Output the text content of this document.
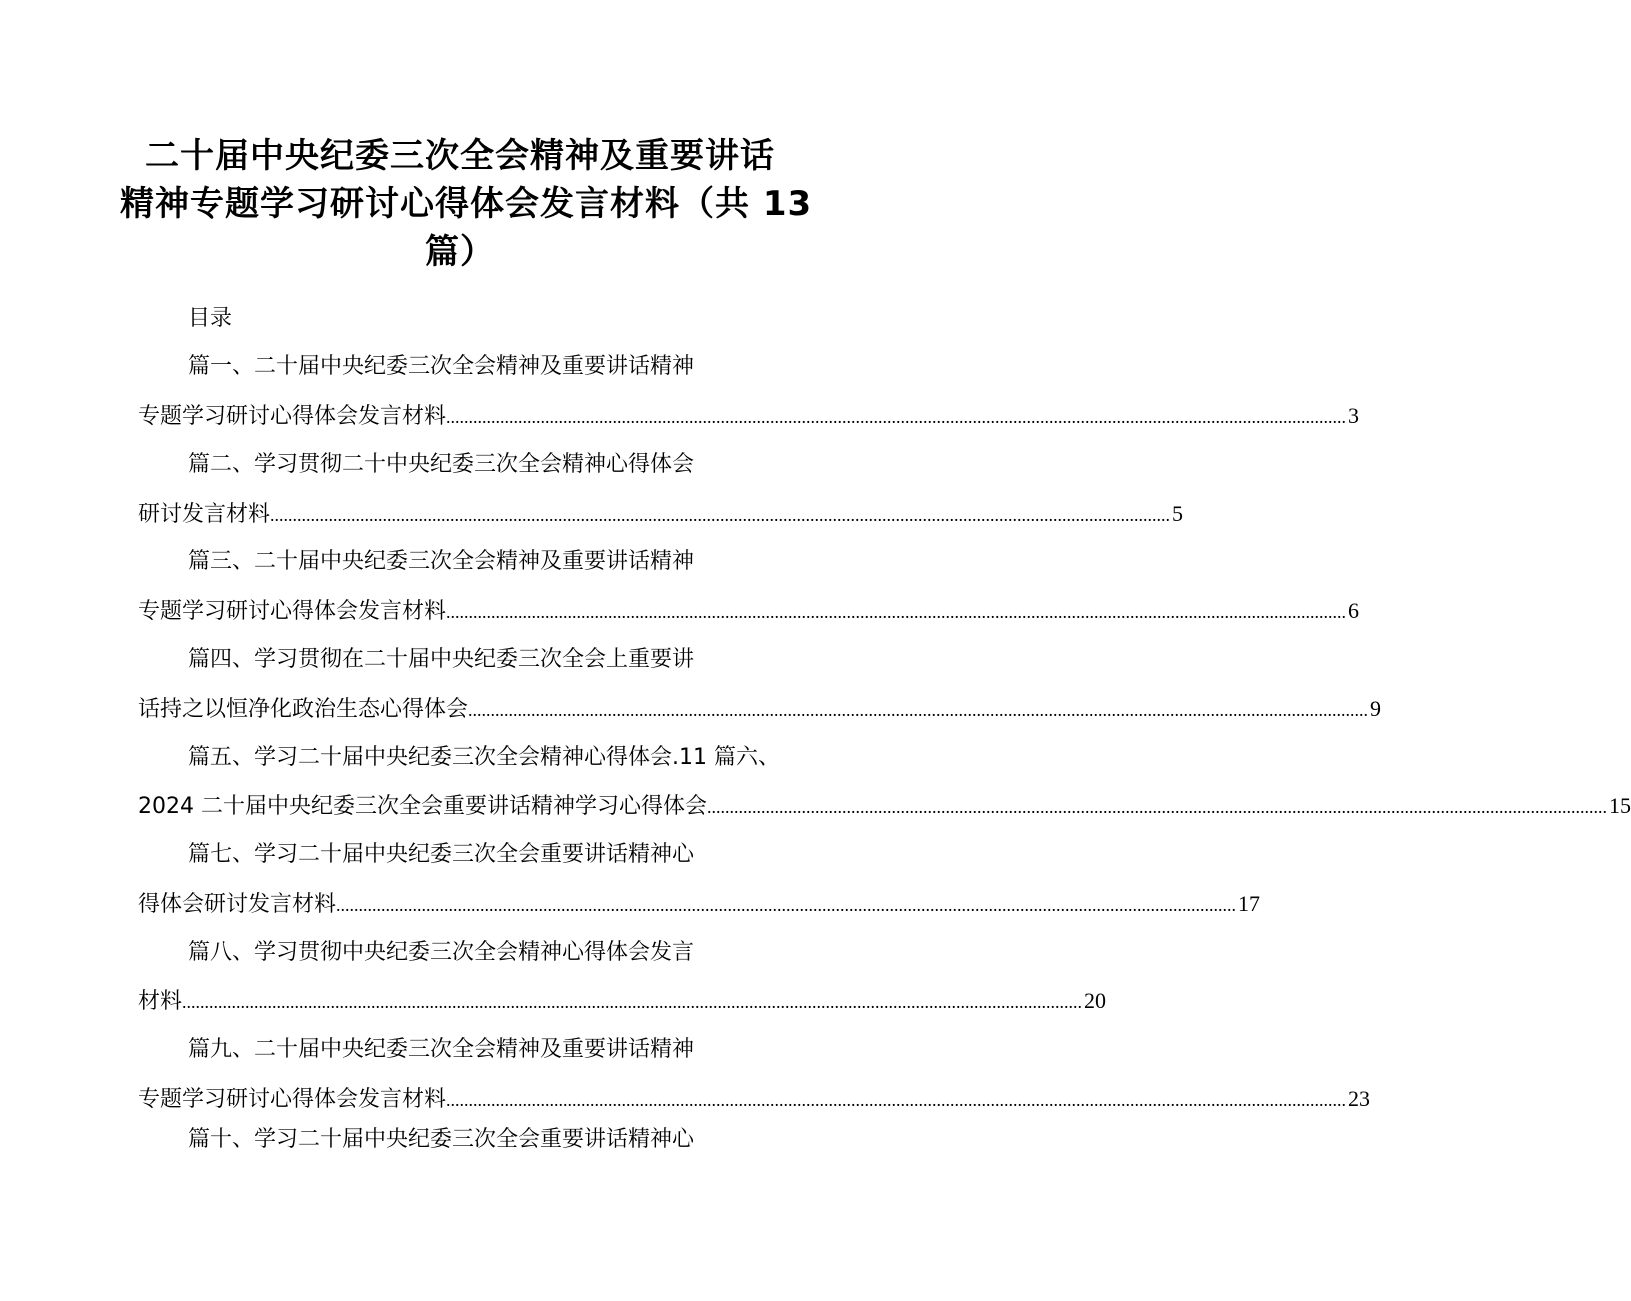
二十届中央纪委三次全会精神及重要讲话
精神专题学习研讨心得体会发言材料（共 13
篇）
目录
篇一、二十届中央纪委三次全会精神及重要讲话精神
专题学习研讨心得体会发言材料 ........................................................................................................................................................................................................ 3
篇二、学习贯彻二十中央纪委三次全会精神心得体会
研讨发言材料 ........................................................................................................................................................................................................ 5
篇三、二十届中央纪委三次全会精神及重要讲话精神
专题学习研讨心得体会发言材料 ........................................................................................................................................................................................................ 6
篇四、学习贯彻在二十届中央纪委三次全会上重要讲
话持之以恒净化政治生态心得体会 ........................................................................................................................................................................................................ 9
篇五、学习二十届中央纪委三次全会精神心得体会.11 篇六、
2024 二十届中央纪委三次全会重要讲话精神学习心得体会 ........................................................................................................................................................................................................ 15
篇七、学习二十届中央纪委三次全会重要讲话精神心
得体会研讨发言材料 ........................................................................................................................................................................................................ 17
篇八、学习贯彻中央纪委三次全会精神心得体会发言
材料 ........................................................................................................................................................................................................ 20
篇九、二十届中央纪委三次全会精神及重要讲话精神
专题学习研讨心得体会发言材料 ........................................................................................................................................................................................................ 23
篇十、学习二十届中央纪委三次全会重要讲话精神心
